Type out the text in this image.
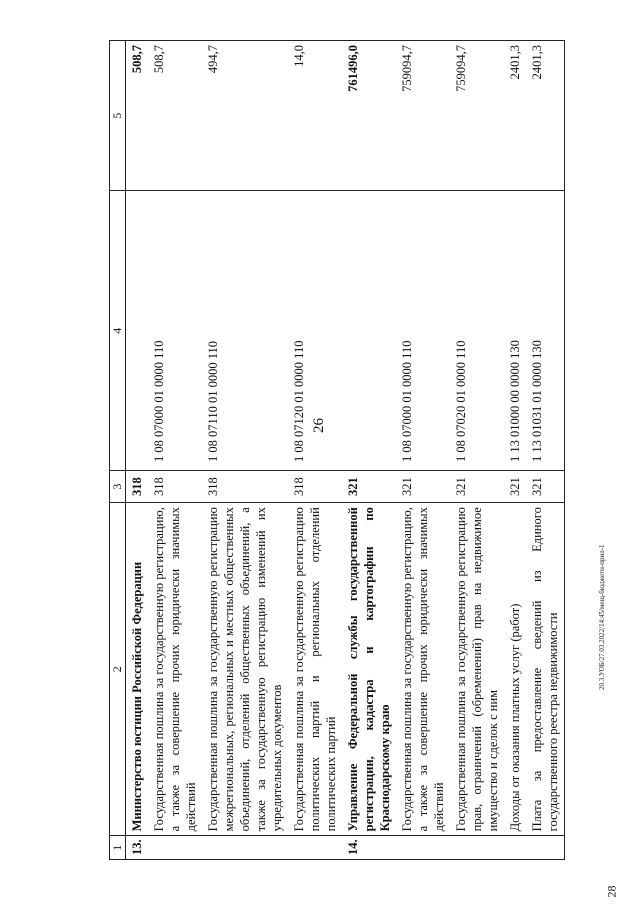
26
20.3.УОБ/27.03.2022/14:45/мещ-бюджетн-прил-1
28
1	2	3	4	5
13.	Министерство юстиции Российской Федерации	318		508,7
	Государственная пошлина за государственную регистрацию, а также за совершение прочих юридически значимых действий	318	1 08 07000 01 0000 110	508,7
	Государственная пошлина за государственную регистрацию межрегиональных, региональных и местных общественных объединений, отделений общественных объединений, а также за государственную регистрацию изменений их учредительных документов	318	1 08 07110 01 0000 110	494,7
	Государственная пошлина за государственную регистрацию политических партий и региональных отделений политических партий	318	1 08 07120 01 0000 110	14,0
14.	Управление Федеральной службы государственной регистрации, кадастра и картографии по Краснодарскому краю	321		761496,0
	Государственная пошлина за государственную регистрацию, а также за совершение прочих юридически значимых действий	321	1 08 07000 01 0000 110	759094,7
	Государственная пошлина за государственную регистрацию прав, ограничений (обременений) прав на недвижимое имущество и сделок с ним	321	1 08 07020 01 0000 110	759094,7
	Доходы от оказания платных услуг (работ)	321	1 13 01000 00 0000 130	2401,3
	Плата за предоставление сведений из Единого государственного реестра недвижимости	321	1 13 01031 01 0000 130	2401,3
